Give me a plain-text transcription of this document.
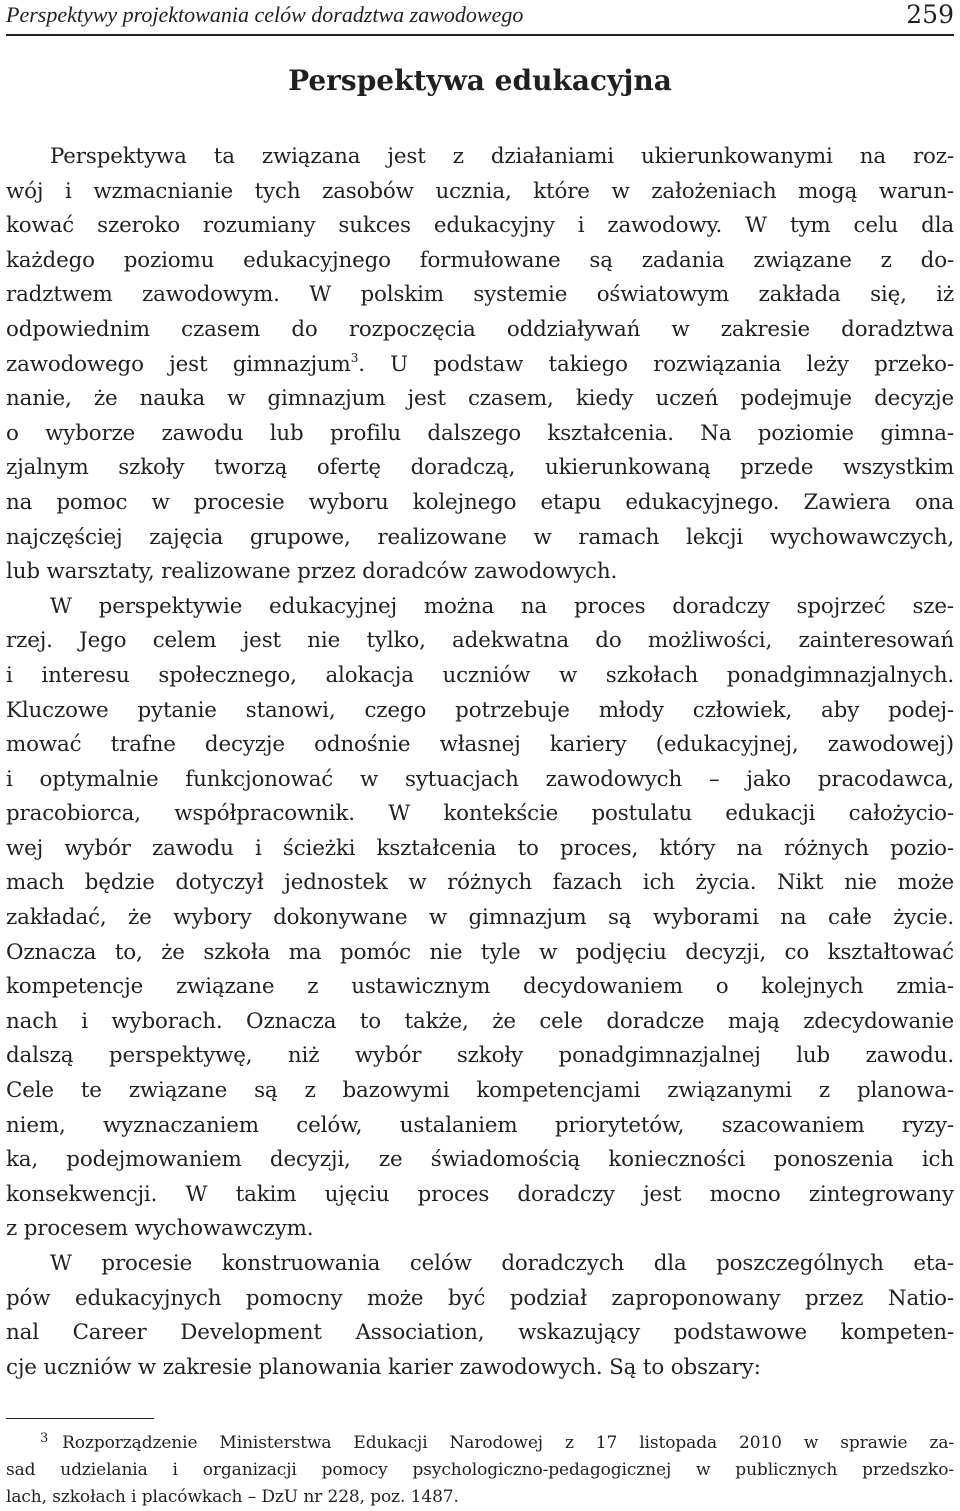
Perspektywy projektowania celów doradztwa zawodowego	259
Perspektywa edukacyjna
Perspektywa ta związana jest z działaniami ukierunkowanymi na roz-
wój i wzmacnianie tych zasobów ucznia, które w założeniach mogą warun-
kować szeroko rozumiany sukces edukacyjny i zawodowy. W tym celu dla
każdego poziomu edukacyjnego formułowane są zadania związane z do-
radztwem zawodowym. W polskim systemie oświatowym zakłada się, iż
odpowiednim czasem do rozpoczęcia oddziaływań w zakresie doradztwa
zawodowego jest gimnazjum$^3$. U podstaw takiego rozwiązania leży przeko-
nanie, że nauka w gimnazjum jest czasem, kiedy uczeń podejmuje decyzje
o wyborze zawodu lub profilu dalszego kształcenia. Na poziomie gimna-
zjalnym szkoły tworzą ofertę doradczą, ukierunkowaną przede wszystkim
na pomoc w procesie wyboru kolejnego etapu edukacyjnego. Zawiera ona
najczęściej zajęcia grupowe, realizowane w ramach lekcji wychowawczych,
lub warsztaty, realizowane przez doradców zawodowych.
W perspektywie edukacyjnej można na proces doradczy spojrzeć sze-
rzej. Jego celem jest nie tylko, adekwatna do możliwości, zainteresowań
i interesu społecznego, alokacja uczniów w szkołach ponadgimnazjalnych.
Kluczowe pytanie stanowi, czego potrzebuje młody człowiek, aby podej-
mować trafne decyzje odnośnie własnej kariery (edukacyjnej, zawodowej)
i optymalnie funkcjonować w sytuacjach zawodowych – jako pracodawca,
pracobiorca, współpracownik. W kontekście postulatu edukacji całożycio-
wej wybór zawodu i ścieżki kształcenia to proces, który na różnych pozio-
mach będzie dotyczył jednostek w różnych fazach ich życia. Nikt nie może
zakładać, że wybory dokonywane w gimnazjum są wyborami na całe życie.
Oznacza to, że szkoła ma pomóc nie tyle w podjęciu decyzji, co kształtować
kompetencje związane z ustawicznym decydowaniem o kolejnych zmia-
nach i wyborach. Oznacza to także, że cele doradcze mają zdecydowanie
dalszą perspektywę, niż wybór szkoły ponadgimnazjalnej lub zawodu.
Cele te związane są z bazowymi kompetencjami związanymi z planowa-
niem, wyznaczaniem celów, ustalaniem priorytetów, szacowaniem ryzy-
ka, podejmowaniem decyzji, ze świadomością konieczności ponoszenia ich
konsekwencji. W takim ujęciu proces doradczy jest mocno zintegrowany
z procesem wychowawczym.
W procesie konstruowania celów doradczych dla poszczególnych eta-
pów edukacyjnych pomocny może być podział zaproponowany przez Natio-
nal Career Development Association, wskazujący podstawowe kompeten-
cje uczniów w zakresie planowania karier zawodowych. Są to obszary:
$^3$ Rozporządzenie Ministerstwa Edukacji Narodowej z 17 listopada 2010 w sprawie za-
sad udzielania i organizacji pomocy psychologiczno-pedagogicznej w publicznych przedszko-
lach, szkołach i placówkach – DzU nr 228, poz. 1487.
